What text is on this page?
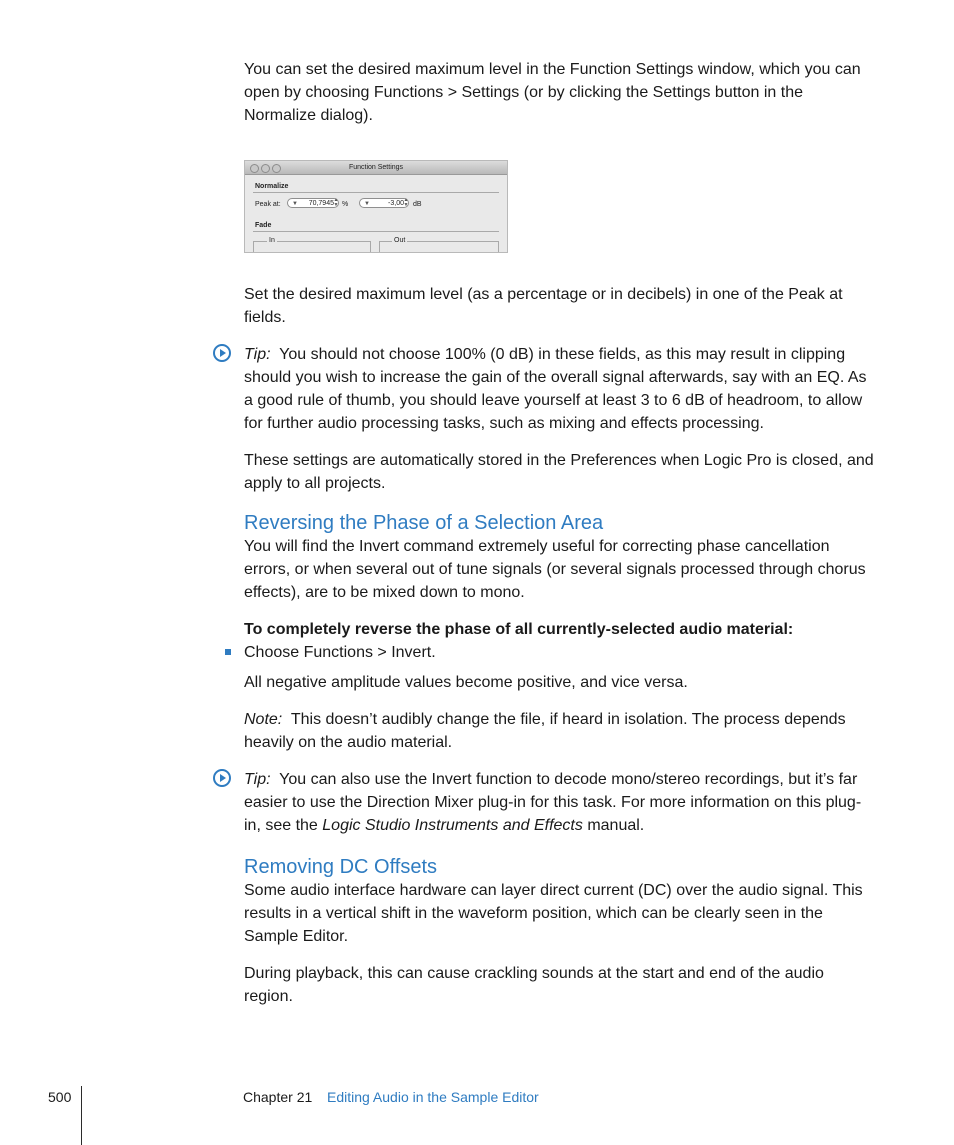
You can set the desired maximum level in the Function Settings window, which you can open by choosing Functions > Settings (or by clicking the Settings button in the Normalize dialog).

Function Settings
Normalize
Peak at: ▼ 70,7945 ▲
▼ %	▼	-3,00 ▲
▼ dB
Fade
In	Out

Set the desired maximum level (as a percentage or in decibels) in one of the Peak at fields.

Tip: You should not choose 100% (0 dB) in these fields, as this may result in clipping should you wish to increase the gain of the overall signal afterwards, say with an EQ. As a good rule of thumb, you should leave yourself at least 3 to 6 dB of headroom, to allow for further audio processing tasks, such as mixing and effects processing.

These settings are automatically stored in the Preferences when Logic Pro is closed, and apply to all projects.

Reversing the Phase of a Selection Area

You will find the Invert command extremely useful for correcting phase cancellation errors, or when several out of tune signals (or several signals processed through chorus effects), are to be mixed down to mono.

To completely reverse the phase of all currently-selected audio material:

Choose Functions > Invert.

All negative amplitude values become positive, and vice versa.

Note: This doesn’t audibly change the file, if heard in isolation. The process depends heavily on the audio material.

Tip: You can also use the Invert function to decode mono/stereo recordings, but it’s far easier to use the Direction Mixer plug-in for this task. For more information on this plug-in, see the Logic Studio Instruments and Effects manual.

Removing DC Offsets

Some audio interface hardware can layer direct current (DC) over the audio signal. This results in a vertical shift in the waveform position, which can be clearly seen in the Sample Editor.

During playback, this can cause crackling sounds at the start and end of the audio region.

500	Chapter 21 Editing Audio in the Sample Editor
